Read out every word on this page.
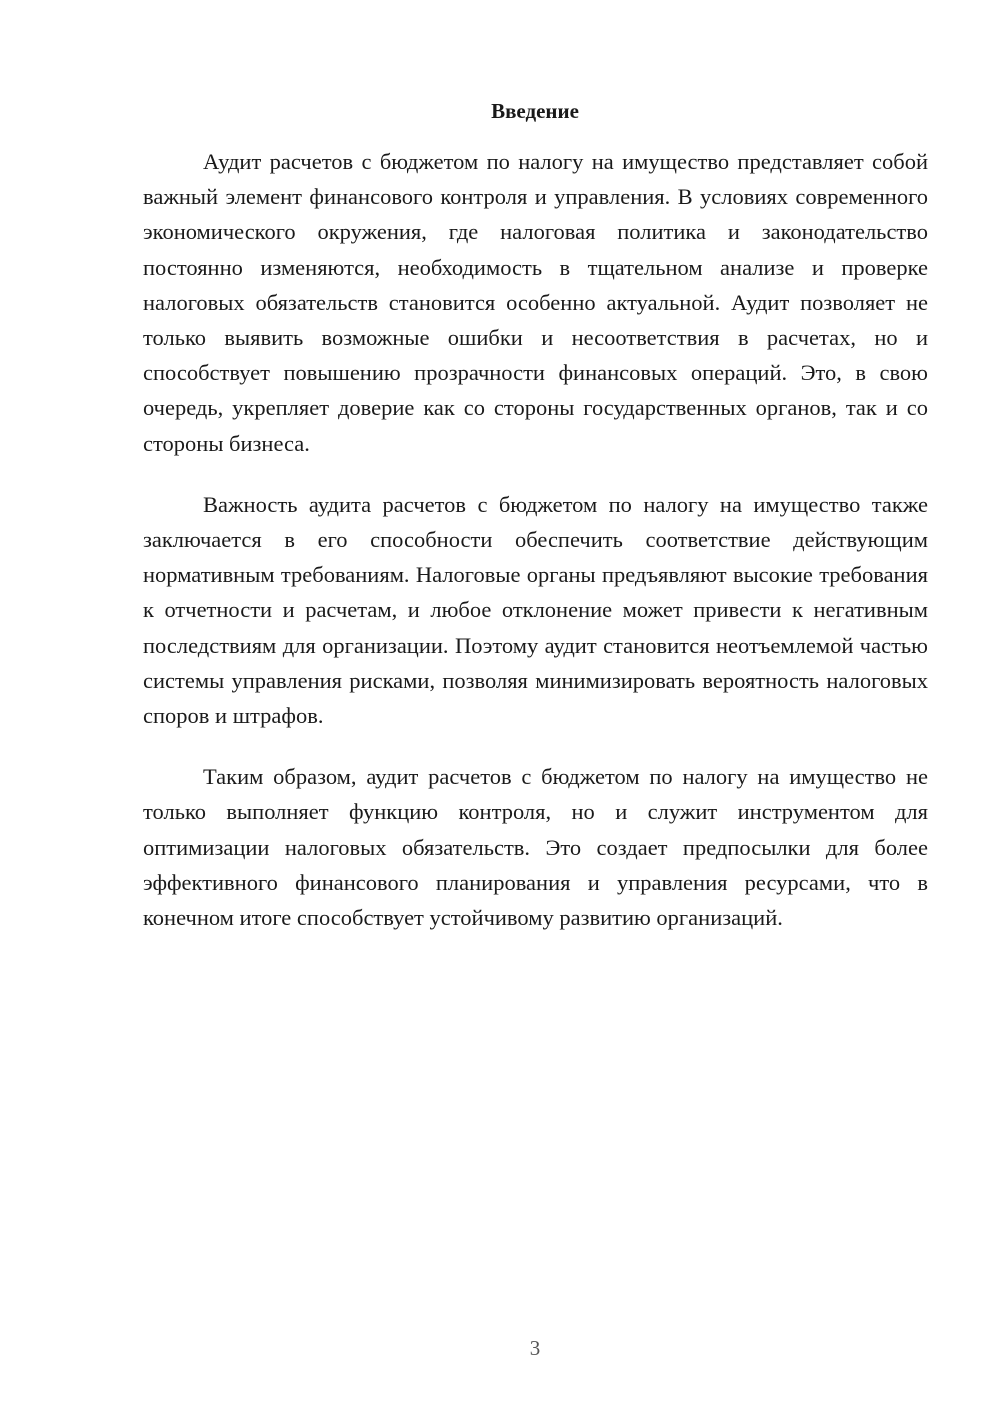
Введение

Аудит расчетов с бюджетом по налогу на имущество представляет собой важный элемент финансового контроля и управления. В условиях современного экономического окружения, где налоговая политика и законодательство постоянно изменяются, необходимость в тщательном анализе и проверке налоговых обязательств становится особенно актуальной. Аудит позволяет не только выявить возможные ошибки и несоответствия в расчетах, но и способствует повышению прозрачности финансовых операций. Это, в свою очередь, укрепляет доверие как со стороны государственных органов, так и со стороны бизнеса.

Важность аудита расчетов с бюджетом по налогу на имущество также заключается в его способности обеспечить соответствие действующим нормативным требованиям. Налоговые органы предъявляют высокие требования к отчетности и расчетам, и любое отклонение может привести к негативным последствиям для организации. Поэтому аудит становится неотъемлемой частью системы управления рисками, позволяя минимизировать вероятность налоговых споров и штрафов.

Таким образом, аудит расчетов с бюджетом по налогу на имущество не только выполняет функцию контроля, но и служит инструментом для оптимизации налоговых обязательств. Это создает предпосылки для более эффективного финансового планирования и управления ресурсами, что в конечном итоге способствует устойчивому развитию организаций.

3
